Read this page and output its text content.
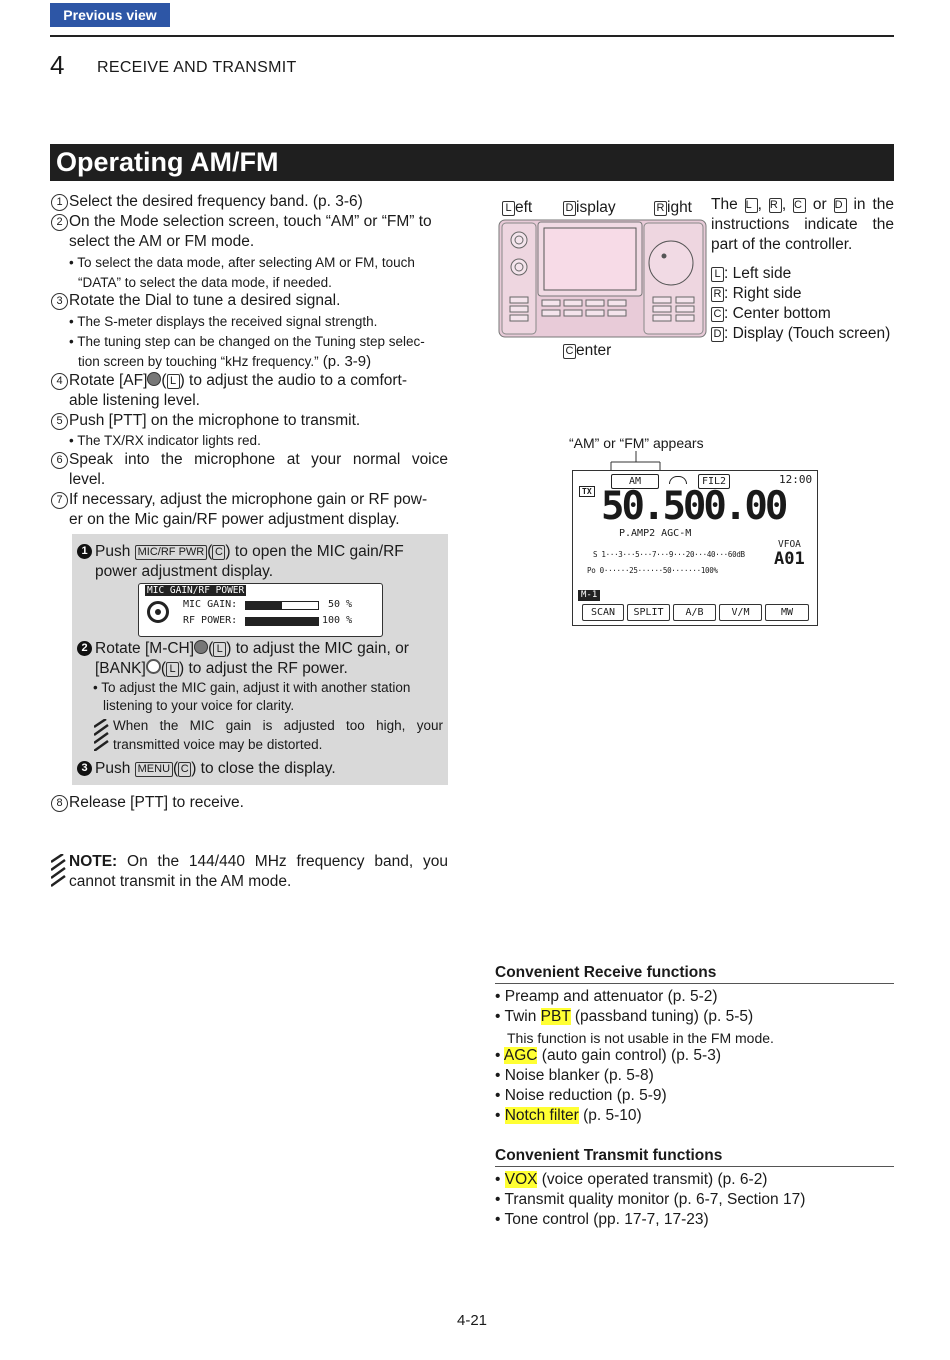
Previous view
4 RECEIVE AND TRANSMIT
Operating AM/FM
1 Select the desired frequency band. (p. 3-6)
2 On the Mode selection screen, touch “AM” or “FM” to
select the AM or FM mode.
• To select the data mode, after selecting AM or FM, touch
“DATA” to select the data mode, if needed.
3 Rotate the Dial to tune a desired signal.
• The S-meter displays the received signal strength.
• The tuning step can be changed on the Tuning step selec-
tion screen by touching “kHz frequency.” (p. 3-9)
4 Rotate [AF] ( L ) to adjust the audio to a comfort-
able listening level.
5 Push [PTT] on the microphone to transmit.
• The TX/RX indicator lights red.
6 Speak into the microphone at your normal voice
level.
7 If necessary, adjust the microphone gain or RF pow-
er on the Mic gain/RF power adjustment display.
1 Push MIC/RF PWR ( C ) to open the MIC gain/RF
power adjustment display.
MIC GAIN/RF POWER
MIC GAIN:	50 %
RF POWER:	100 %
2 Rotate [M-CH] ( L ) to adjust the MIC gain, or
[BANK] ( L ) to adjust the RF power.
• To adjust the MIC gain, adjust it with another station
listening to your voice for clarity.
When the MIC gain is adjusted too high, your
transmitted voice may be distorted.
3 Push MENU ( C ) to close the display.
8 Release [PTT] to receive.
NOTE: On the 144/440 MHz frequency band, you
cannot transmit in the AM mode.
L eft	D isplay	R ight
C enter
The L , R , C or D in the
instructions indicate the
part of the controller.
L : Left side
R : Right side
C : Center bottom
D : Display (Touch screen)
“AM” or “FM” appears
TX
AM	FIL2	12:00
50.500.00
P.AMP2 AGC-M
VFOA
A01
S 1···3···5···7···9···20···40···60dB
Po 0······25······50·······100%
M-1
SCAN	SPLIT	A/B	V/M	MW
Convenient Receive functions
• Preamp and attenuator (p. 5-2)
• Twin PBT (passband tuning) (p. 5-5)
This function is not usable in the FM mode.
• AGC (auto gain control) (p. 5-3)
• Noise blanker (p. 5-8)
• Noise reduction (p. 5-9)
• Notch filter (p. 5-10)
Convenient Transmit functions
• VOX (voice operated transmit) (p. 6-2)
• Transmit quality monitor (p. 6-7, Section 17)
• Tone control (pp. 17-7, 17-23)
4-21
